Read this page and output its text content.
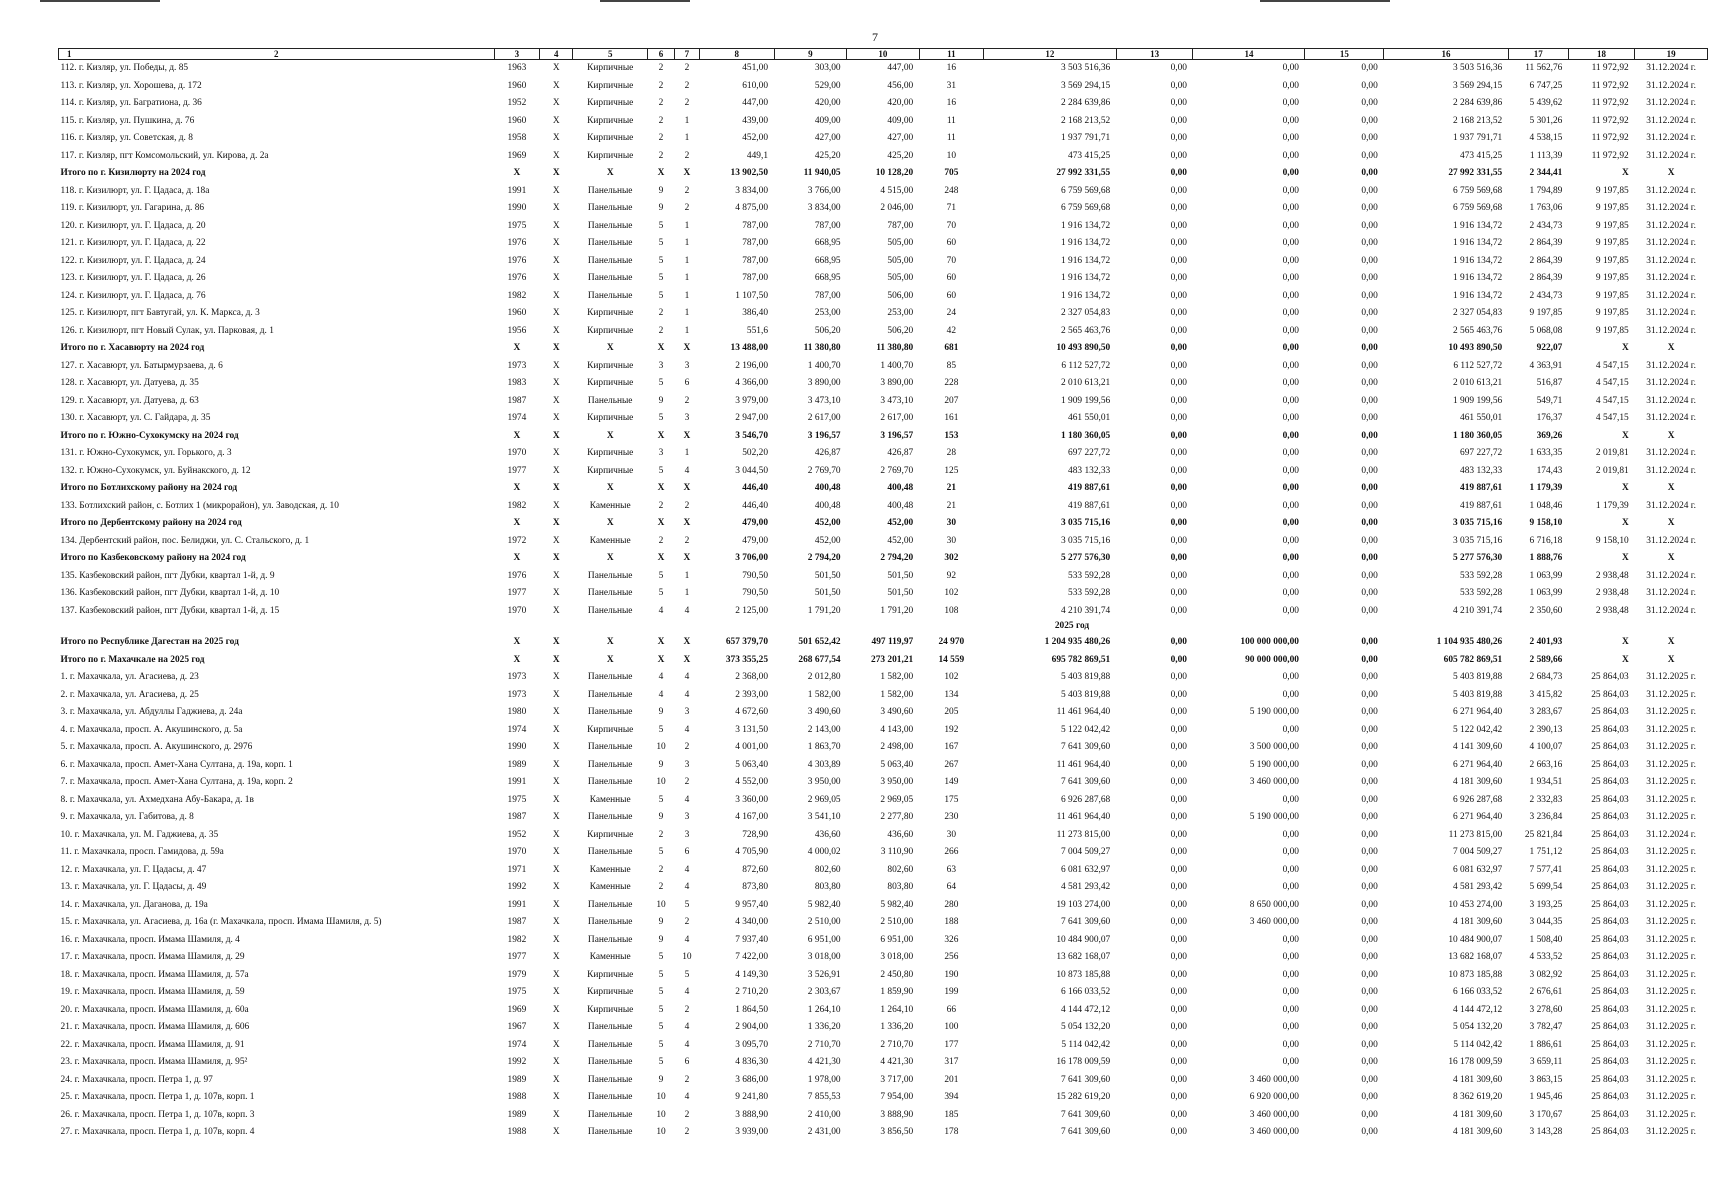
7
1 2	3	4	5	6	7	8	9	10	11	12	13	14	15	16	17	18	19
112. г. Кизляр, ул. Победы, д. 85	1963	Х	Кирпичные	2	2	451,00	303,00	447,00	16	3 503 516,36	0,00	0,00	0,00	3 503 516,36	11 562,76	11 972,92	31.12.2024 г.
113. г. Кизляр, ул. Хорошева, д. 172	1960	Х	Кирпичные	2	2	610,00	529,00	456,00	31	3 569 294,15	0,00	0,00	0,00	3 569 294,15	6 747,25	11 972,92	31.12.2024 г.
114. г. Кизляр, ул. Багратиона, д. 36	1952	Х	Кирпичные	2	2	447,00	420,00	420,00	16	2 284 639,86	0,00	0,00	0,00	2 284 639,86	5 439,62	11 972,92	31.12.2024 г.
115. г. Кизляр, ул. Пушкина, д. 76	1960	Х	Кирпичные	2	1	439,00	409,00	409,00	11	2 168 213,52	0,00	0,00	0,00	2 168 213,52	5 301,26	11 972,92	31.12.2024 г.
116. г. Кизляр, ул. Советская, д. 8	1958	Х	Кирпичные	2	1	452,00	427,00	427,00	11	1 937 791,71	0,00	0,00	0,00	1 937 791,71	4 538,15	11 972,92	31.12.2024 г.
117. г. Кизляр, пгт Комсомольский, ул. Кирова, д. 2а	1969	Х	Кирпичные	2	2	449,1	425,20	425,20	10	473 415,25	0,00	0,00	0,00	473 415,25	1 113,39	11 972,92	31.12.2024 г.
Итого по г. Кизилюрту на 2024 год	Х	Х	Х	Х	Х	13 902,50	11 940,05	10 128,20	705	27 992 331,55	0,00	0,00	0,00	27 992 331,55	2 344,41	Х	Х
118. г. Кизилюрт, ул. Г. Цадаса, д. 18а	1991	Х	Панельные	9	2	3 834,00	3 766,00	4 515,00	248	6 759 569,68	0,00	0,00	0,00	6 759 569,68	1 794,89	9 197,85	31.12.2024 г.
119. г. Кизилюрт, ул. Гагарина, д. 86	1990	Х	Панельные	9	2	4 875,00	3 834,00	2 046,00	71	6 759 569,68	0,00	0,00	0,00	6 759 569,68	1 763,06	9 197,85	31.12.2024 г.
120. г. Кизилюрт, ул. Г. Цадаса, д. 20	1975	Х	Панельные	5	1	787,00	787,00	787,00	70	1 916 134,72	0,00	0,00	0,00	1 916 134,72	2 434,73	9 197,85	31.12.2024 г.
121. г. Кизилюрт, ул. Г. Цадаса, д. 22	1976	Х	Панельные	5	1	787,00	668,95	505,00	60	1 916 134,72	0,00	0,00	0,00	1 916 134,72	2 864,39	9 197,85	31.12.2024 г.
122. г. Кизилюрт, ул. Г. Цадаса, д. 24	1976	Х	Панельные	5	1	787,00	668,95	505,00	70	1 916 134,72	0,00	0,00	0,00	1 916 134,72	2 864,39	9 197,85	31.12.2024 г.
123. г. Кизилюрт, ул. Г. Цадаса, д. 26	1976	Х	Панельные	5	1	787,00	668,95	505,00	60	1 916 134,72	0,00	0,00	0,00	1 916 134,72	2 864,39	9 197,85	31.12.2024 г.
124. г. Кизилюрт, ул. Г. Цадаса, д. 76	1982	Х	Панельные	5	1	1 107,50	787,00	506,00	60	1 916 134,72	0,00	0,00	0,00	1 916 134,72	2 434,73	9 197,85	31.12.2024 г.
125. г. Кизилюрт, пгт Бавтугай, ул. К. Маркса, д. 3	1960	Х	Кирпичные	2	1	386,40	253,00	253,00	24	2 327 054,83	0,00	0,00	0,00	2 327 054,83	9 197,85	9 197,85	31.12.2024 г.
126. г. Кизилюрт, пгт Новый Сулак, ул. Парковая, д. 1	1956	Х	Кирпичные	2	1	551,6	506,20	506,20	42	2 565 463,76	0,00	0,00	0,00	2 565 463,76	5 068,08	9 197,85	31.12.2024 г.
Итого по г. Хасавюрту на 2024 год	Х	Х	Х	Х	Х	13 488,00	11 380,80	11 380,80	681	10 493 890,50	0,00	0,00	0,00	10 493 890,50	922,07	Х	Х
127. г. Хасавюрт, ул. Батырмурзаева, д. 6	1973	Х	Кирпичные	3	3	2 196,00	1 400,70	1 400,70	85	6 112 527,72	0,00	0,00	0,00	6 112 527,72	4 363,91	4 547,15	31.12.2024 г.
128. г. Хасавюрт, ул. Датуева, д. 35	1983	Х	Кирпичные	5	6	4 366,00	3 890,00	3 890,00	228	2 010 613,21	0,00	0,00	0,00	2 010 613,21	516,87	4 547,15	31.12.2024 г.
129. г. Хасавюрт, ул. Датуева, д. 63	1987	Х	Панельные	9	2	3 979,00	3 473,10	3 473,10	207	1 909 199,56	0,00	0,00	0,00	1 909 199,56	549,71	4 547,15	31.12.2024 г.
130. г. Хасавюрт, ул. С. Гайдара, д. 35	1974	Х	Кирпичные	5	3	2 947,00	2 617,00	2 617,00	161	461 550,01	0,00	0,00	0,00	461 550,01	176,37	4 547,15	31.12.2024 г.
Итого по г. Южно-Сухокумску на 2024 год	Х	Х	Х	Х	Х	3 546,70	3 196,57	3 196,57	153	1 180 360,05	0,00	0,00	0,00	1 180 360,05	369,26	Х	Х
131. г. Южно-Сухокумск, ул. Горького, д. 3	1970	Х	Кирпичные	3	1	502,20	426,87	426,87	28	697 227,72	0,00	0,00	0,00	697 227,72	1 633,35	2 019,81	31.12.2024 г.
132. г. Южно-Сухокумск, ул. Буйнакского, д. 12	1977	Х	Кирпичные	5	4	3 044,50	2 769,70	2 769,70	125	483 132,33	0,00	0,00	0,00	483 132,33	174,43	2 019,81	31.12.2024 г.
Итого по Ботлихскому району на 2024 год	Х	Х	Х	Х	Х	446,40	400,48	400,48	21	419 887,61	0,00	0,00	0,00	419 887,61	1 179,39	Х	Х
133. Ботлихский район, с. Ботлих 1 (микрорайон), ул. Заводская, д. 10	1982	Х	Каменные	2	2	446,40	400,48	400,48	21	419 887,61	0,00	0,00	0,00	419 887,61	1 048,46	1 179,39	31.12.2024 г.
Итого по Дербентскому району на 2024 год	Х	Х	Х	Х	Х	479,00	452,00	452,00	30	3 035 715,16	0,00	0,00	0,00	3 035 715,16	9 158,10	Х	Х
134. Дербентский район, пос. Белиджи, ул. С. Стальского, д. 1	1972	Х	Каменные	2	2	479,00	452,00	452,00	30	3 035 715,16	0,00	0,00	0,00	3 035 715,16	6 716,18	9 158,10	31.12.2024 г.
Итого по Казбековскому району на 2024 год	Х	Х	Х	Х	Х	3 706,00	2 794,20	2 794,20	302	5 277 576,30	0,00	0,00	0,00	5 277 576,30	1 888,76	Х	Х
135. Казбековский район, пгт Дубки, квартал 1-й, д. 9	1976	Х	Панельные	5	1	790,50	501,50	501,50	92	533 592,28	0,00	0,00	0,00	533 592,28	1 063,99	2 938,48	31.12.2024 г.
136. Казбековский район, пгт Дубки, квартал 1-й, д. 10	1977	Х	Панельные	5	1	790,50	501,50	501,50	102	533 592,28	0,00	0,00	0,00	533 592,28	1 063,99	2 938,48	31.12.2024 г.
137. Казбековский район, пгт Дубки, квартал 1-й, д. 15	1970	Х	Панельные	4	4	2 125,00	1 791,20	1 791,20	108	4 210 391,74	0,00	0,00	0,00	4 210 391,74	2 350,60	2 938,48	31.12.2024 г.
2025 год																	
Итого по Республике Дагестан на 2025 год	Х	Х	Х	Х	Х	657 379,70	501 652,42	497 119,97	24 970	1 204 935 480,26	0,00	100 000 000,00	0,00	1 104 935 480,26	2 401,93	Х	Х
Итого по г. Махачкале на 2025 год	Х	Х	Х	Х	Х	373 355,25	268 677,54	273 201,21	14 559	695 782 869,51	0,00	90 000 000,00	0,00	605 782 869,51	2 589,66	Х	Х
1. г. Махачкала, ул. Агасиева, д. 23	1973	Х	Панельные	4	4	2 368,00	2 012,80	1 582,00	102	5 403 819,88	0,00	0,00	0,00	5 403 819,88	2 684,73	25 864,03	31.12.2025 г.
2. г. Махачкала, ул. Агасиева, д. 25	1973	Х	Панельные	4	4	2 393,00	1 582,00	1 582,00	134	5 403 819,88	0,00	0,00	0,00	5 403 819,88	3 415,82	25 864,03	31.12.2025 г.
3. г. Махачкала, ул. Абдуллы Гаджиева, д. 24а	1980	Х	Панельные	9	3	4 672,60	3 490,60	3 490,60	205	11 461 964,40	0,00	5 190 000,00	0,00	6 271 964,40	3 283,67	25 864,03	31.12.2025 г.
4. г. Махачкала, просп. А. Акушинского, д. 5а	1974	Х	Кирпичные	5	4	3 131,50	2 143,00	4 143,00	192	5 122 042,42	0,00	0,00	0,00	5 122 042,42	2 390,13	25 864,03	31.12.2025 г.
5. г. Махачкала, просп. А. Акушинского, д. 2976	1990	Х	Панельные	10	2	4 001,00	1 863,70	2 498,00	167	7 641 309,60	0,00	3 500 000,00	0,00	4 141 309,60	4 100,07	25 864,03	31.12.2025 г.
6. г. Махачкала, просп. Амет-Хана Султана, д. 19а, корп. 1	1989	Х	Панельные	9	3	5 063,40	4 303,89	5 063,40	267	11 461 964,40	0,00	5 190 000,00	0,00	6 271 964,40	2 663,16	25 864,03	31.12.2025 г.
7. г. Махачкала, просп. Амет-Хана Султана, д. 19а, корп. 2	1991	Х	Панельные	10	2	4 552,00	3 950,00	3 950,00	149	7 641 309,60	0,00	3 460 000,00	0,00	4 181 309,60	1 934,51	25 864,03	31.12.2025 г.
8. г. Махачкала, ул. Ахмедхана Абу-Бакара, д. 1в	1975	Х	Каменные	5	4	3 360,00	2 969,05	2 969,05	175	6 926 287,68	0,00	0,00	0,00	6 926 287,68	2 332,83	25 864,03	31.12.2025 г.
9. г. Махачкала, ул. Габитова, д. 8	1987	Х	Панельные	9	3	4 167,00	3 541,10	2 277,80	230	11 461 964,40	0,00	5 190 000,00	0,00	6 271 964,40	3 236,84	25 864,03	31.12.2025 г.
10. г. Махачкала, ул. М. Гаджиева, д. 35	1952	Х	Кирпичные	2	3	728,90	436,60	436,60	30	11 273 815,00	0,00	0,00	0,00	11 273 815,00	25 821,84	25 864,03	31.12.2024 г.
11. г. Махачкала, просп. Гамидова, д. 59а	1970	Х	Панельные	5	6	4 705,90	4 000,02	3 110,90	266	7 004 509,27	0,00	0,00	0,00	7 004 509,27	1 751,12	25 864,03	31.12.2025 г.
12. г. Махачкала, ул. Г. Цадасы, д. 47	1971	Х	Каменные	2	4	872,60	802,60	802,60	63	6 081 632,97	0,00	0,00	0,00	6 081 632,97	7 577,41	25 864,03	31.12.2025 г.
13. г. Махачкала, ул. Г. Цадасы, д. 49	1992	Х	Каменные	2	4	873,80	803,80	803,80	64	4 581 293,42	0,00	0,00	0,00	4 581 293,42	5 699,54	25 864,03	31.12.2025 г.
14. г. Махачкала, ул. Даганова, д. 19а	1991	Х	Панельные	10	5	9 957,40	5 982,40	5 982,40	280	19 103 274,00	0,00	8 650 000,00	0,00	10 453 274,00	3 193,25	25 864,03	31.12.2025 г.
15. г. Махачкала, ул. Агасиева, д. 16а (г. Махачкала, просп. Имама Шамиля, д. 5)	1987	Х	Панельные	9	2	4 340,00	2 510,00	2 510,00	188	7 641 309,60	0,00	3 460 000,00	0,00	4 181 309,60	3 044,35	25 864,03	31.12.2025 г.
16. г. Махачкала, просп. Имама Шамиля, д. 4	1982	Х	Панельные	9	4	7 937,40	6 951,00	6 951,00	326	10 484 900,07	0,00	0,00	0,00	10 484 900,07	1 508,40	25 864,03	31.12.2025 г.
17. г. Махачкала, просп. Имама Шамиля, д. 29	1977	Х	Каменные	5	10	7 422,00	3 018,00	3 018,00	256	13 682 168,07	0,00	0,00	0,00	13 682 168,07	4 533,52	25 864,03	31.12.2025 г.
18. г. Махачкала, просп. Имама Шамиля, д. 57а	1979	Х	Кирпичные	5	5	4 149,30	3 526,91	2 450,80	190	10 873 185,88	0,00	0,00	0,00	10 873 185,88	3 082,92	25 864,03	31.12.2025 г.
19. г. Махачкала, просп. Имама Шамиля, д. 59	1975	Х	Кирпичные	5	4	2 710,20	2 303,67	1 859,90	199	6 166 033,52	0,00	0,00	0,00	6 166 033,52	2 676,61	25 864,03	31.12.2025 г.
20. г. Махачкала, просп. Имама Шамиля, д. 60а	1969	Х	Кирпичные	5	2	1 864,50	1 264,10	1 264,10	66	4 144 472,12	0,00	0,00	0,00	4 144 472,12	3 278,60	25 864,03	31.12.2025 г.
21. г. Махачкала, просп. Имама Шамиля, д. 606	1967	Х	Панельные	5	4	2 904,00	1 336,20	1 336,20	100	5 054 132,20	0,00	0,00	0,00	5 054 132,20	3 782,47	25 864,03	31.12.2025 г.
22. г. Махачкала, просп. Имама Шамиля, д. 91	1974	Х	Панельные	5	4	3 095,70	2 710,70	2 710,70	177	5 114 042,42	0,00	0,00	0,00	5 114 042,42	1 886,61	25 864,03	31.12.2025 г.
23. г. Махачкала, просп. Имама Шамиля, д. 95²	1992	Х	Панельные	5	6	4 836,30	4 421,30	4 421,30	317	16 178 009,59	0,00	0,00	0,00	16 178 009,59	3 659,11	25 864,03	31.12.2025 г.
24. г. Махачкала, просп. Петра 1, д. 97	1989	Х	Панельные	9	2	3 686,00	1 978,00	3 717,00	201	7 641 309,60	0,00	3 460 000,00	0,00	4 181 309,60	3 863,15	25 864,03	31.12.2025 г.
25. г. Махачкала, просп. Петра 1, д. 107в, корп. 1	1988	Х	Панельные	10	4	9 241,80	7 855,53	7 954,00	394	15 282 619,20	0,00	6 920 000,00	0,00	8 362 619,20	1 945,46	25 864,03	31.12.2025 г.
26. г. Махачкала, просп. Петра 1, д. 107в, корп. 3	1989	Х	Панельные	10	2	3 888,90	2 410,00	3 888,90	185	7 641 309,60	0,00	3 460 000,00	0,00	4 181 309,60	3 170,67	25 864,03	31.12.2025 г.
27. г. Махачкала, просп. Петра 1, д. 107в, корп. 4	1988	Х	Панельные	10	2	3 939,00	2 431,00	3 856,50	178	7 641 309,60	0,00	3 460 000,00	0,00	4 181 309,60	3 143,28	25 864,03	31.12.2025 г.
